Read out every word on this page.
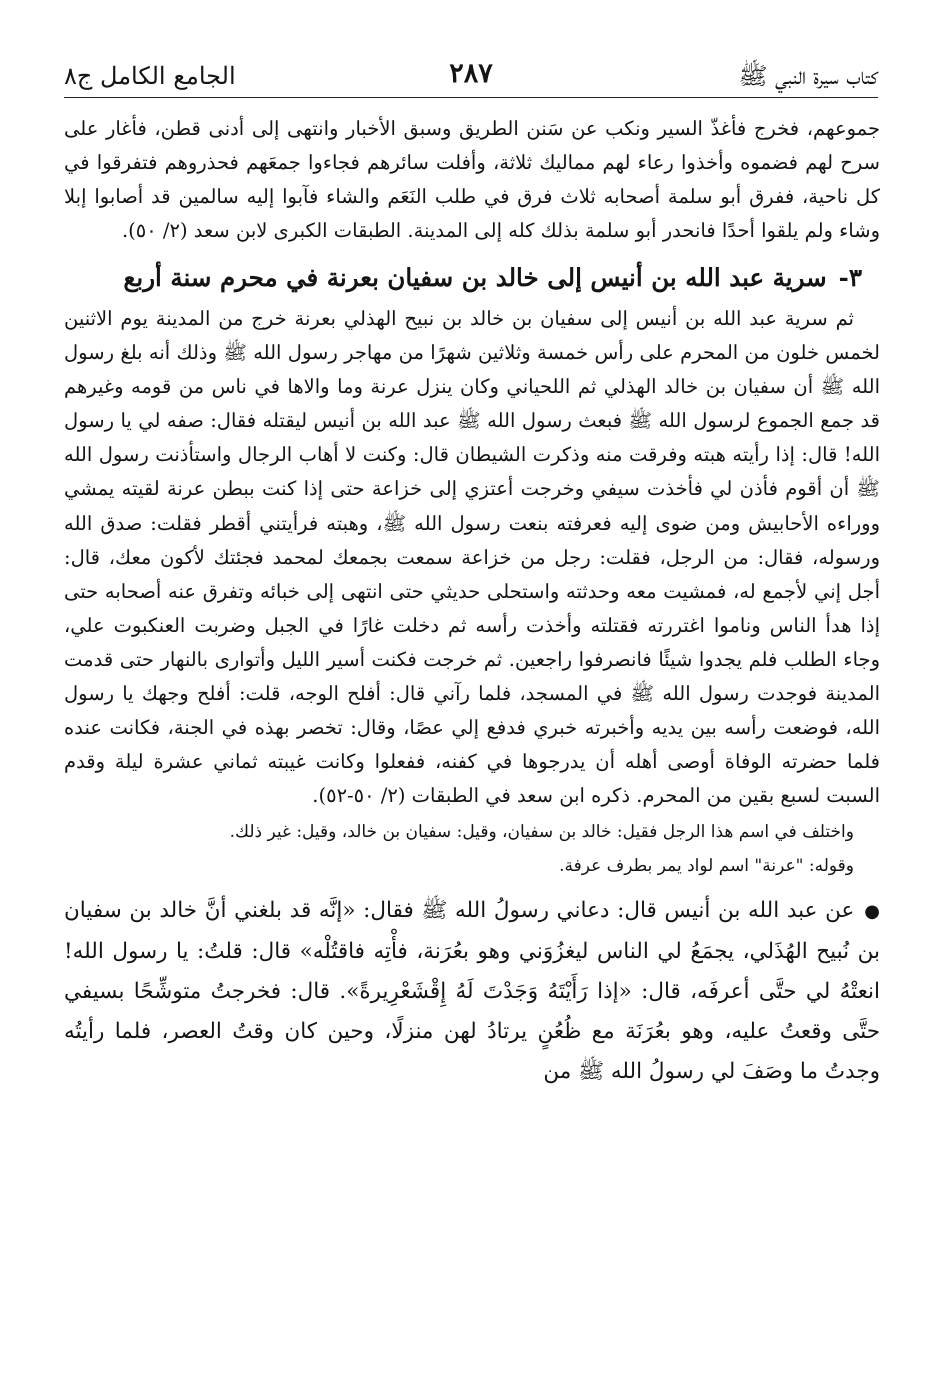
كتاب سيرة النبي ﷺ
٢٨٧
الجامع الكامل ج٨

جموعهم، فخرج فأغذّ السير ونكب عن سَنن الطريق وسبق الأخبار وانتهى إلى أدنى قطن، فأغار على سرح لهم فضموه وأخذوا رعاء لهم مماليك ثلاثة، وأفلت سائرهم فجاءوا جمعَهم فحذروهم فتفرقوا في كل ناحية، ففرق أبو سلمة أصحابه ثلاث فرق في طلب النَعَم والشاء فآبوا إليه سالمين قد أصابوا إبلا وشاء ولم يلقوا أحدًا فانحدر أبو سلمة بذلك كله إلى المدينة. الطبقات الكبرى لابن سعد (٢/ ٥٠).

٣-سرية عبد الله بن أنيس إلى خالد بن سفيان بعرنة في محرم سنة أربع

ثم سرية عبد الله بن أنيس إلى سفيان بن خالد بن نبيح الهذلي بعرنة خرج من المدينة يوم الاثنين لخمس خلون من المحرم على رأس خمسة وثلاثين شهرًا من مهاجر رسول الله ﷺ وذلك أنه بلغ رسول الله ﷺ أن سفيان بن خالد الهذلي ثم اللحياني وكان ينزل عرنة وما والاها في ناس من قومه وغيرهم قد جمع الجموع لرسول الله ﷺ فبعث رسول الله ﷺ عبد الله بن أنيس ليقتله فقال: صفه لي يا رسول الله! قال: إذا رأيته هبته وفرقت منه وذكرت الشيطان قال: وكنت لا أهاب الرجال واستأذنت رسول الله ﷺ أن أقوم فأذن لي فأخذت سيفي وخرجت أعتزي إلى خزاعة حتى إذا كنت ببطن عرنة لقيته يمشي ووراءه الأحابيش ومن ضوى إليه فعرفته بنعت رسول الله ﷺ، وهبته فرأيتني أقطر فقلت: صدق الله ورسوله، فقال: من الرجل، فقلت: رجل من خزاعة سمعت بجمعك لمحمد فجئتك لأكون معك، قال: أجل إني لأجمع له، فمشيت معه وحدثته واستحلى حديثي حتى انتهى إلى خبائه وتفرق عنه أصحابه حتى إذا هدأ الناس وناموا اغتررته فقتلته وأخذت رأسه ثم دخلت غارًا في الجبل وضربت العنكبوت علي، وجاء الطلب فلم يجدوا شيئًا فانصرفوا راجعين. ثم خرجت فكنت أسير الليل وأتوارى بالنهار حتى قدمت المدينة فوجدت رسول الله ﷺ في المسجد، فلما رآني قال: أفلح الوجه، قلت: أفلح وجهك يا رسول الله، فوضعت رأسه بين يديه وأخبرته خبري فدفع إلي عصًا، وقال: تخصر بهذه في الجنة، فكانت عنده فلما حضرته الوفاة أوصى أهله أن يدرجوها في كفنه، ففعلوا وكانت غيبته ثماني عشرة ليلة وقدم السبت لسبع بقين من المحرم. ذكره ابن سعد في الطبقات (٢/ ٥٠-٥٢).

واختلف في اسم هذا الرجل فقيل: خالد بن سفيان، وقيل: سفيان بن خالد، وقيل: غير ذلك.

وقوله: "عرنة" اسم لواد يمر بطرف عرفة.

●عن عبد الله بن أنيس قال: دعاني رسولُ الله ﷺ فقال: «إنَّه قد بلغني أنَّ خالد بن سفيان بن نُبيح الهُذَلي، يجمَعُ لي الناس ليغزُوَني وهو بعُرَنة، فأْتِه فاقتُلْه» قال: قلتُ: يا رسول الله! انعتْهُ لي حتَّى أعرفَه، قال: «إذا رَأَيْتَهُ وَجَدْتَ لَهُ إِقْشَعْرِيرةً». قال: فخرجتُ متوشِّحًا بسيفي حتَّى وقعتُ عليه، وهو بعُرَنَة مع ظُعُنٍ يرتادُ لهن منزلًا، وحين كان وقتُ العصر، فلما رأيتُه وجدتُ ما وصَفَ لي رسولُ الله ﷺ من
